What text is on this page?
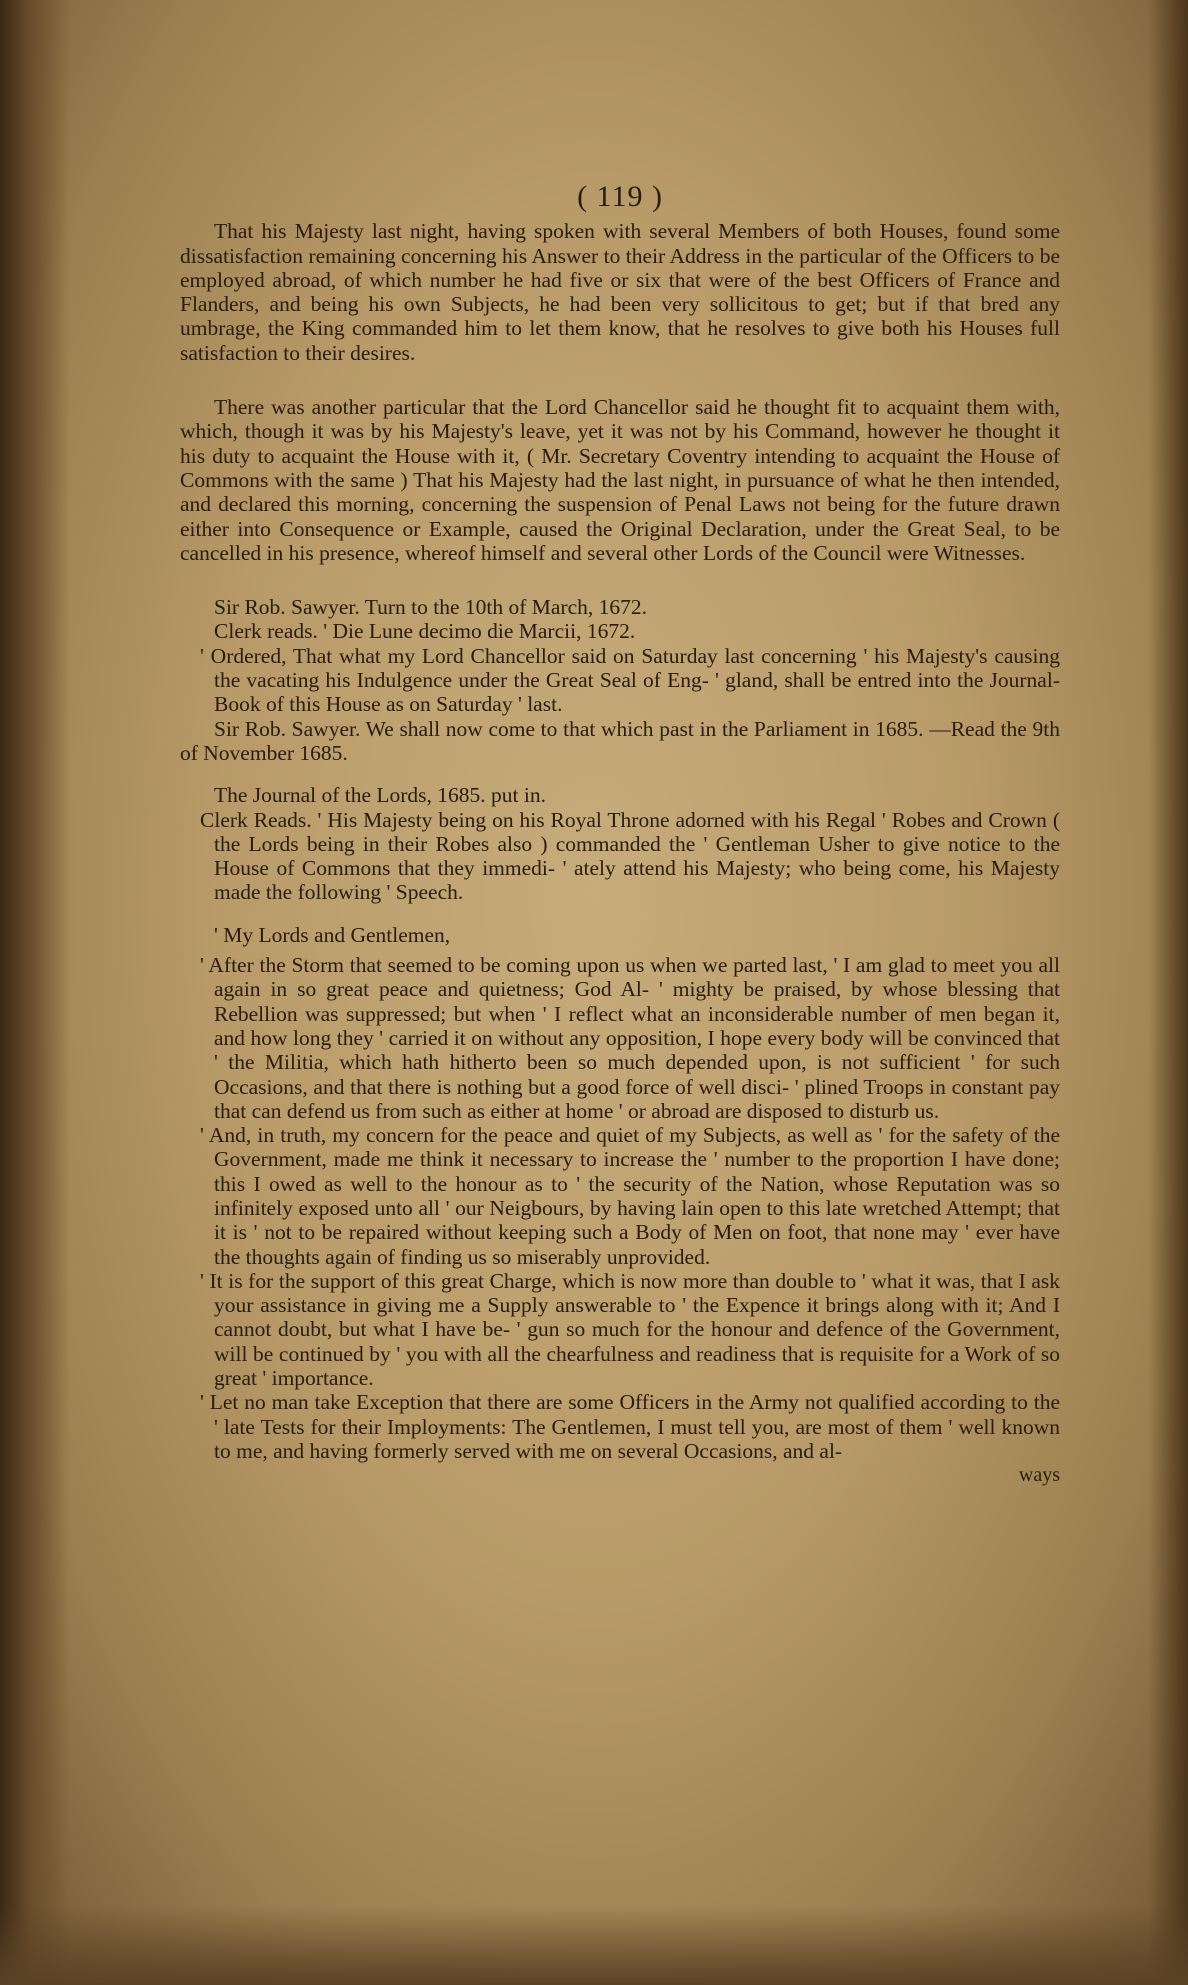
( 119 )

That his Majesty last night, having spoken with several Members of both Houses, found some dissatisfaction remaining concerning his Answer to their Address in the particular of the Officers to be employed abroad, of which number he had five or six that were of the best Officers of France and Flanders, and being his own Subjects, he had been very sollicitous to get; but if that bred any umbrage, the King commanded him to let them know, that he resolves to give both his Houses full satisfaction to their desires.

There was another particular that the Lord Chancellor said he thought fit to acquaint them with, which, though it was by his Majesty's leave, yet it was not by his Command, however he thought it his duty to acquaint the House with it, ( Mr. Secretary Coventry intending to acquaint the House of Commons with the same ) That his Majesty had the last night, in pursuance of what he then intended, and declared this morning, concerning the suspension of Penal Laws not being for the future drawn either into Consequence or Example, caused the Original Declaration, under the Great Seal, to be cancelled in his presence, whereof himself and several other Lords of the Council were Witnesses.

Sir Rob. Sawyer. Turn to the 10th of March, 1672.

Clerk reads. ' Die Lune decimo die Marcii, 1672.

' Ordered, That what my Lord Chancellor said on Saturday last concerning ' his Majesty's causing the vacating his Indulgence under the Great Seal of Eng- ' gland, shall be entred into the Journal-Book of this House as on Saturday ' last.

Sir Rob. Sawyer. We shall now come to that which past in the Parliament in 1685. —Read the 9th of November 1685.

The Journal of the Lords, 1685. put in.

Clerk Reads. ' His Majesty being on his Royal Throne adorned with his Regal ' Robes and Crown ( the Lords being in their Robes also ) commanded the ' Gentleman Usher to give notice to the House of Commons that they immedi- ' ately attend his Majesty; who being come, his Majesty made the following ' Speech.

' My Lords and Gentlemen,

' After the Storm that seemed to be coming upon us when we parted last, ' I am glad to meet you all again in so great peace and quietness; God Al- ' mighty be praised, by whose blessing that Rebellion was suppressed; but when ' I reflect what an inconsiderable number of men began it, and how long they ' carried it on without any opposition, I hope every body will be convinced that ' the Militia, which hath hitherto been so much depended upon, is not sufficient ' for such Occasions, and that there is nothing but a good force of well disci- ' plined Troops in constant pay that can defend us from such as either at home ' or abroad are disposed to disturb us.

' And, in truth, my concern for the peace and quiet of my Subjects, as well as ' for the safety of the Government, made me think it necessary to increase the ' number to the proportion I have done; this I owed as well to the honour as to ' the security of the Nation, whose Reputation was so infinitely exposed unto all ' our Neigbours, by having lain open to this late wretched Attempt; that it is ' not to be repaired without keeping such a Body of Men on foot, that none may ' ever have the thoughts again of finding us so miserably unprovided.

' It is for the support of this great Charge, which is now more than double to ' what it was, that I ask your assistance in giving me a Supply answerable to ' the Expence it brings along with it; And I cannot doubt, but what I have be- ' gun so much for the honour and defence of the Government, will be continued by ' you with all the chearfulness and readiness that is requisite for a Work of so great ' importance.

' Let no man take Exception that there are some Officers in the Army not qualified according to the ' late Tests for their Imployments: The Gentlemen, I must tell you, are most of them ' well known to me, and having formerly served with me on several Occasions, and al-

ways
